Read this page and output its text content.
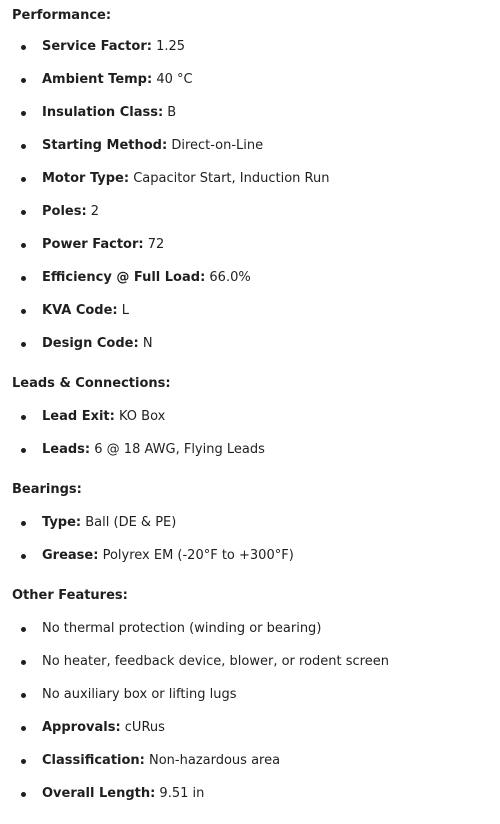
Performance:
Service Factor: 1.25
Ambient Temp: 40 °C
Insulation Class: B
Starting Method: Direct-on-Line
Motor Type: Capacitor Start, Induction Run
Poles: 2
Power Factor: 72
Efficiency @ Full Load: 66.0%
KVA Code: L
Design Code: N
Leads & Connections:
Lead Exit: KO Box
Leads: 6 @ 18 AWG, Flying Leads
Bearings:
Type: Ball (DE & PE)
Grease: Polyrex EM (-20°F to +300°F)
Other Features:
No thermal protection (winding or bearing)
No heater, feedback device, blower, or rodent screen
No auxiliary box or lifting lugs
Approvals: cURus
Classification: Non-hazardous area
Overall Length: 9.51 in
